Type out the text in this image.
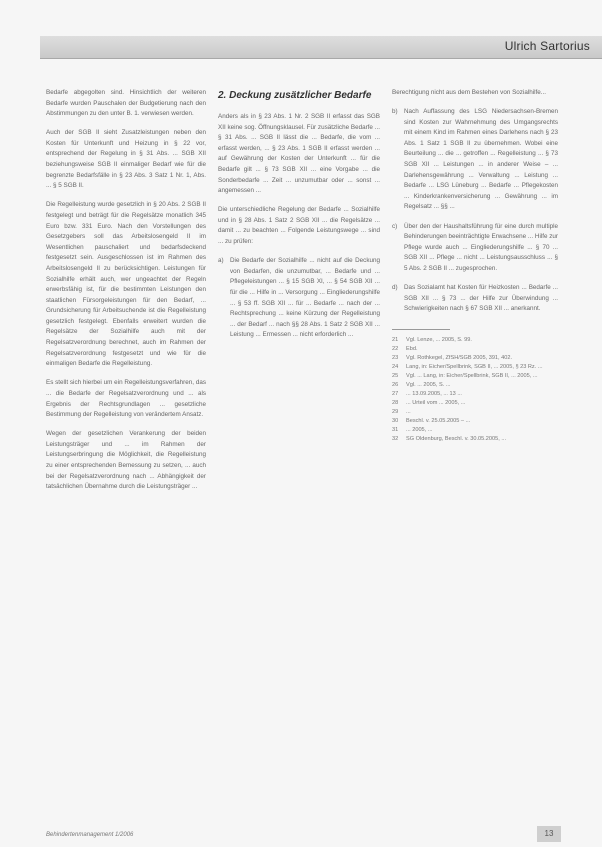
Ulrich Sartorius

Bedarfe abgegolten sind. Hinsichtlich der weiteren Bedarfe wurden Pauschalen der Budgetierung nach den Abstimmungen zu den unter B. 1. verwiesen werden.

Auch der SGB II sieht Zusatzleistungen neben den Kosten für Unterkunft und Heizung in § 22 vor, entsprechend der Regelung in § 31 Abs. ... SGB XII beziehungsweise SGB II einmaliger Bedarf wie für die begrenzte Bedarfsfälle in § 23 Abs. 3 Satz 1 Nr. 1, Abs. ... § 5 SGB II.

Die Regelleistung wurde gesetzlich in § 20 Abs. 2 SGB II festgelegt und beträgt für die Regelsätze monatlich 345 Euro bzw. 331 Euro. Nach den Vorstellungen des Gesetzgebers soll das Arbeitslosengeld II im Wesentlichen pauschaliert und bedarfsdeckend festgesetzt sein. Ausgeschlossen ist im Rahmen des Arbeitslosengeld II zu berücksichtigen. Leistungen für Sozialhilfe erhält auch, wer ungeachtet der Regeln erwerbsfähig ist, für die bestimmten Leistungen den staatlichen Fürsorgeleistungen für den Bedarf, ... Grundsicherung für Arbeitsuchende ist die Regelleistung gesetzlich festgelegt. Ebenfalls erweitert wurden die Regelsätze der Sozialhilfe auch mit der Regelsatzverordnung berechnet, auch im Rahmen der Regelsatzverordnung festgesetzt und wie für die einmaligen Bedarfe die Regelleistung.

Es stellt sich hierbei um ein Regelleistungsverfahren, das ... die Bedarfe der Regelsatzverordnung und ... als Ergebnis der Rechtsgrundlagen ... gesetzliche Bestimmung der Regelleistung von verändertem Ansatz.

Wegen der gesetzlichen Verankerung der beiden Leistungsträger und ... im Rahmen der Leistungserbringung die Möglichkeit, die Regelleistung zu einer entsprechenden Bemessung zu setzen, ... auch bei der Regelsatzverordnung nach ... Abhängigkeit der tatsächlichen Übernahme durch die Leistungsträger ...

2. Deckung zusätzlicher Bedarfe

Anders als in § 23 Abs. 1 Nr. 2 SGB II erfasst das SGB XII keine sog. Öffnungsklausel. Für zusätzliche Bedarfe ... § 31 Abs. ... SGB II lässt die ... Bedarfe, die vom ... erfasst werden, ... § 23 Abs. 1 SGB II erfasst werden ... auf Gewährung der Kosten der Unterkunft ... für die Bedarfe gilt ... § 73 SGB XII ... eine Vorgabe ... die Sonderbedarfe ... Zeit ... unzumutbar oder ... sonst ... angemessen ...

Die unterschiedliche Regelung der Bedarfe ... Sozialhilfe und in § 28 Abs. 1 Satz 2 SGB XII ... die Regelsätze ... damit ... zu beachten ... Folgende Leistungswege ... sind ... zu prüfen:

a)	Die Bedarfe der Sozialhilfe ... nicht auf die Deckung von Bedarfen, die unzumutbar, ... Bedarfe und ... Pflegeleistungen ... § 15 SGB XI, ... § 54 SGB XII ... für die ... Hilfe in ... Versorgung ... Eingliederungshilfe ... § 53 ff. SGB XII ... für ... Bedarfe ... nach der ... Rechtsprechung ... keine Kürzung der Regelleistung ... der Bedarf ... nach §§ 28 Abs. 1 Satz 2 SGB XII ... Leistung ... Ermessen ... nicht erforderlich ...

Berechtigung nicht aus dem Bestehen von Sozialhilfe...

b)	Nach Auffassung des LSG Niedersachsen-Bremen sind Kosten zur Wahrnehmung des Umgangsrechts mit einem Kind im Rahmen eines Darlehens nach § 23 Abs. 1 Satz 1 SGB II zu übernehmen. Wobei eine Beurteilung ... die ... getroffen ... Regelleistung ... § 73 SGB XII ... Leistungen ... in anderer Weise – ... Darlehensgewährung ... Verwaltung ... Leistung ... Bedarfe ... LSG Lüneburg ... Bedarfe ... Pflegekosten ... Kinderkrankenversicherung ... Gewährung ... im Regelsatz ... §§ ...
c)	Über den der Haushaltsführung für eine durch multiple Behinderungen beeinträchtigte Erwachsene ... Hilfe zur Pflege wurde auch ... Eingliederungshilfe ... § 70 ... SGB XII ... Pflege ... nicht ... Leistungsausschluss ... § 5 Abs. 2 SGB II ... zugesprochen.
d)	Das Sozialamt hat Kosten für Heizkosten ... Bedarfe ... SGB XII ... § 73 ... der Hilfe zur Überwindung ... Schwierigkeiten nach § 67 SGB XII ... anerkannt.
21	Vgl. Lenze, ... 2005, S. 99.
22	Ebd.
23	Vgl. Rothkegel, ZfSH/SGB 2005, 391, 402.
24	Lang, in: Eicher/Spellbrink, SGB II, ... 2005, § 23 Rz. ...
25	Vgl. ... Lang, in: Eicher/Spellbrink, SGB II, ... 2005, ...
26	Vgl. ... 2005, S. ...
27	... 13.09.2005, ... 13 ...
28	... Urteil vom ... 2005, ...
29	...
30	Beschl. v. 25.05.2005 – ...
31	... 2005, ...
32	SG Oldenburg, Beschl. v. 30.05.2005, ...
Behindertenmanagement 1/2006	13
